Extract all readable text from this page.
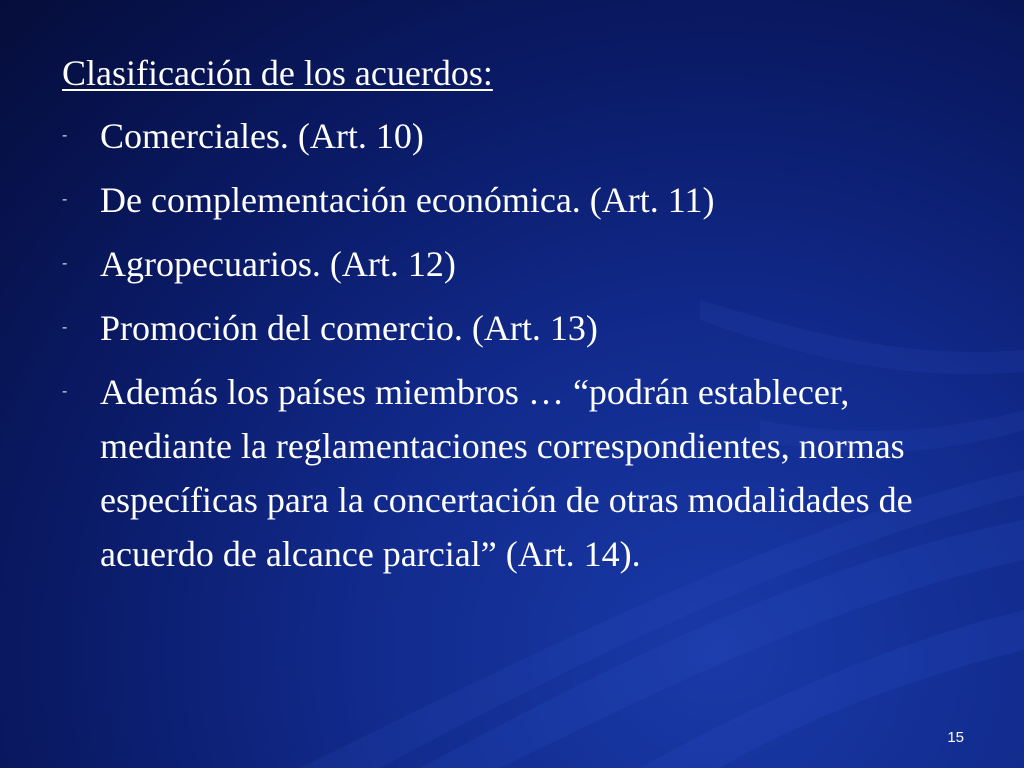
Clasificación de los acuerdos:
- Comerciales. (Art. 10)
- De complementación económica. (Art. 11)
- Agropecuarios. (Art. 12)
- Promoción del comercio. (Art. 13)
- Además los países miembros … “podrán establecer, mediante la reglamentaciones correspondientes, normas específicas para la concertación de otras modalidades de acuerdo de alcance parcial” (Art. 14).
15
